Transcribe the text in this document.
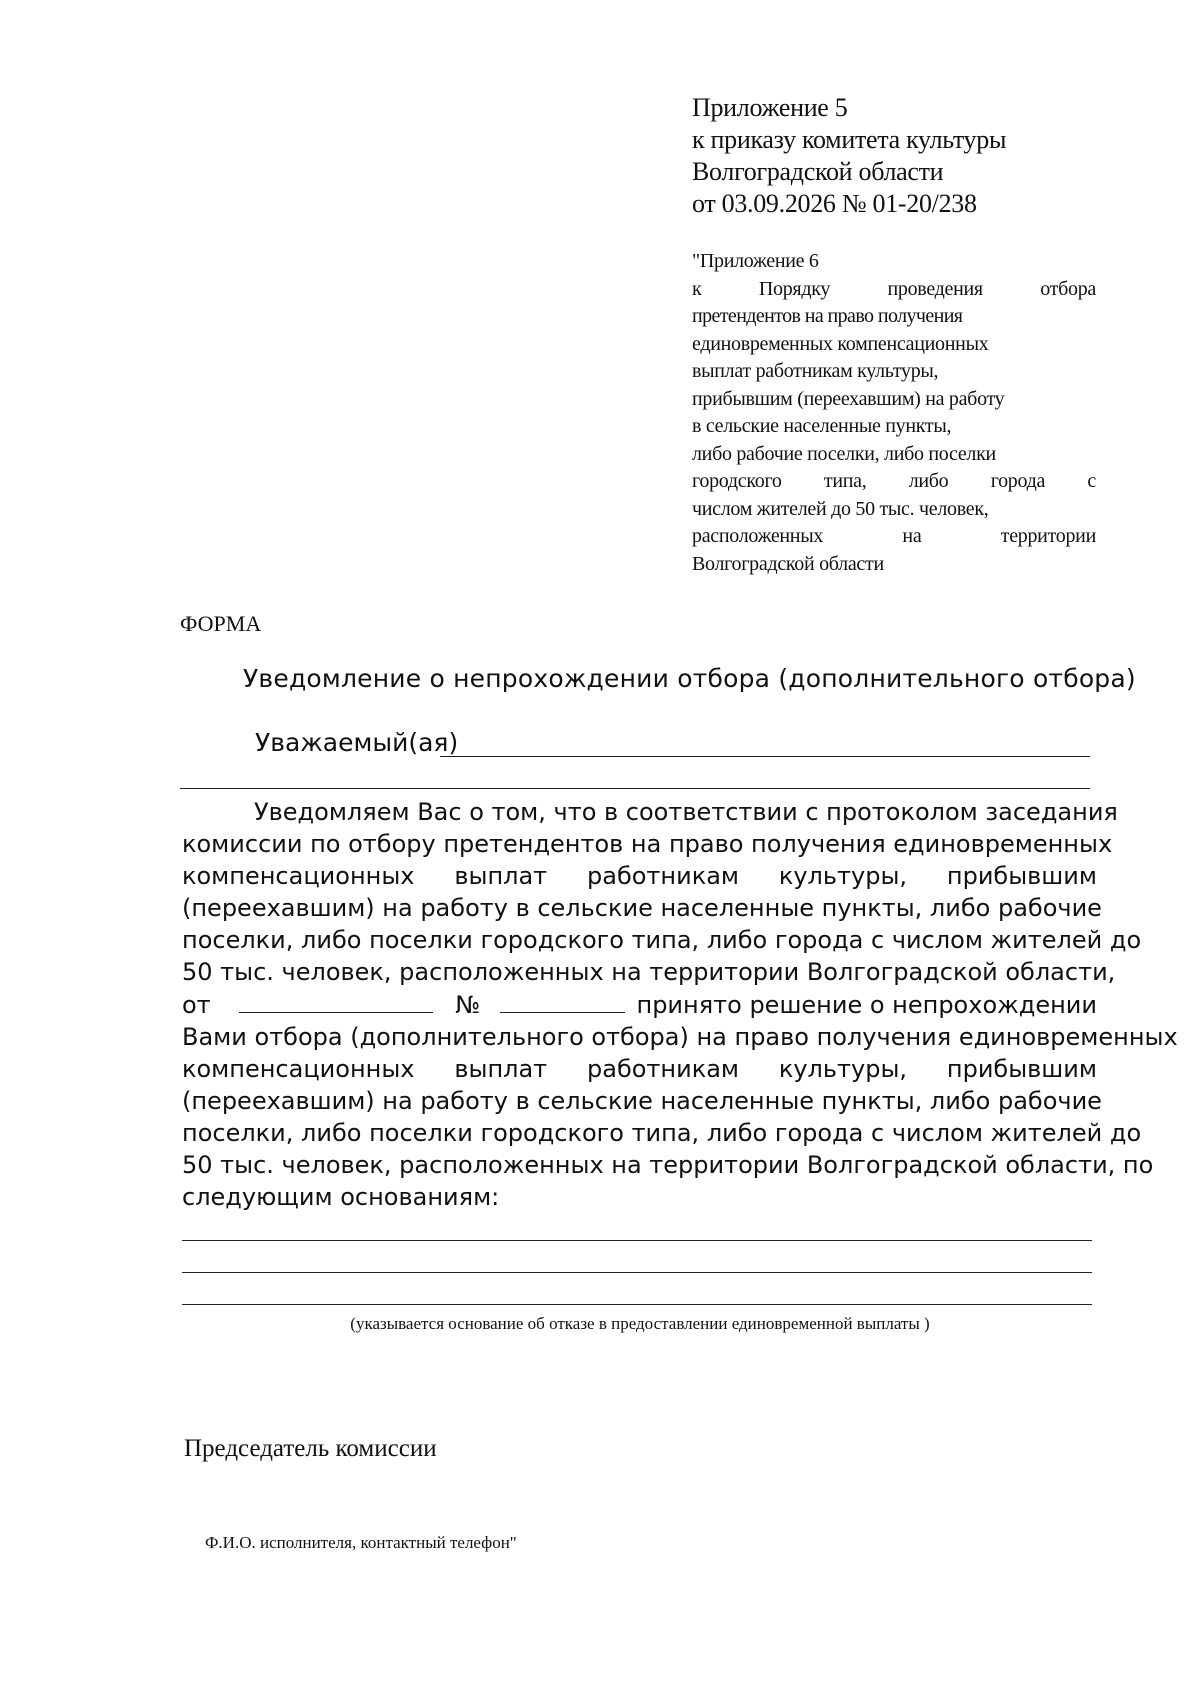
Приложение 5
к приказу комитета культуры
Волгоградской области
от 03.09.2026 № 01-20/238
"Приложение 6
к	Порядку	проведения	отбора
претендентов на право получения
единовременных компенсационных
выплат работникам культуры,
прибывшим (переехавшим) на работу
в сельские населенные пункты,
либо рабочие поселки, либо поселки
городского типа, либо города с
числом жителей до 50 тыс. человек,
расположенных	на	территории
Волгоградской области
ФОРМА
Уведомление о непрохождении отбора (дополнительного отбора)
Уважаемый(ая)
Уведомляем Вас о том, что в соответствии с протоколом заседания
комиссии по отбору претендентов на право получения единовременных
компенсационных выплат работникам культуры, прибывшим
(переехавшим) на работу в сельские населенные пункты, либо рабочие
поселки, либо поселки городского типа, либо города с числом жителей до
50 тыс. человек, расположенных на территории Волгоградской области,
от	№	принято решение о непрохождении
Вами отбора (дополнительного отбора) на право получения единовременных
компенсационных выплат работникам культуры, прибывшим
(переехавшим) на работу в сельские населенные пункты, либо рабочие
поселки, либо поселки городского типа, либо города с числом жителей до
50 тыс. человек, расположенных на территории Волгоградской области, по
следующим основаниям:
(указывается основание об отказе в предоставлении единовременной выплаты )
Председатель комиссии
Ф.И.О. исполнителя, контактный телефон"
